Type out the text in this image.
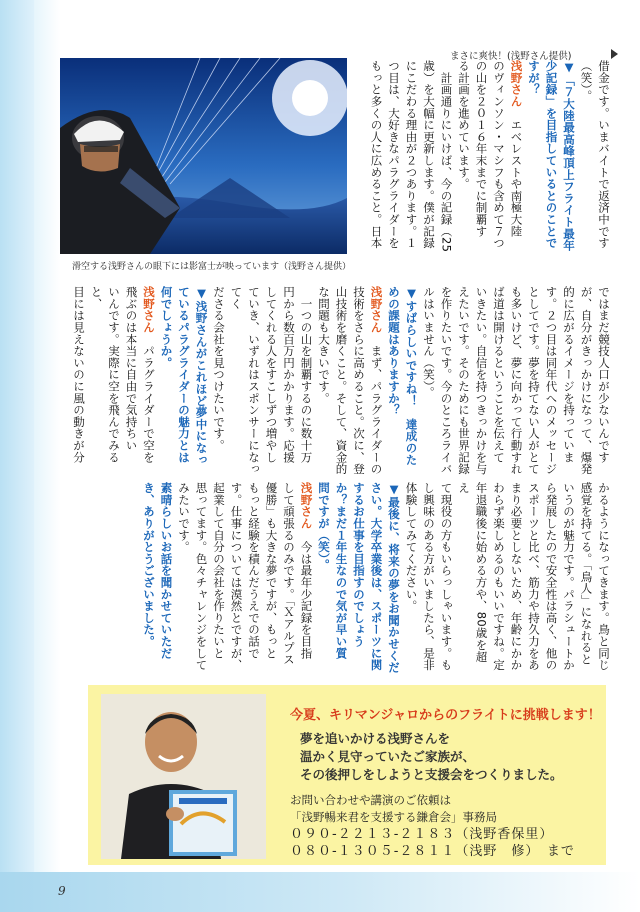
まさに爽快！(浅野さん提供)
滑空する浅野さんの眼下には影富士が映っています（浅野さん提供）

借金です。いまバイトで返済中です

（笑）。

▼「７大陸最高峰頂上フライト最年

少記録」を目指しているとのことで

すが？

浅野さん　エベレストや南極大陸

のヴィンソン・マシフも含めて７つ

の山を２０１６年末までに制覇す

る計画を進めています。

　計画通りにいけば、今の記録（25

歳）を大幅に更新します。僕が記録

にこだわる理由が２つあります。１

つ目は、大好きなパラグライダーを

もっと多くの人に広めること。日本

ではまだ競技人口が少ないんです

が、自分がきっかけになって、爆発

的に広がるイメージを持っていま

す。２つ目は同年代へのメッセージ

としてです。夢を持てない人がとて

も多いけど、夢に向かって行動すれ

ば道は開けるということを伝えて

いきたい。自信を持つきっかけを与

えたいです。そのためにも世界記録

を作りたいです。今のところライバ

ルはいません（笑）。

▼すばらしいですね！　達成のた

めの課題はありますか？

浅野さん　まず、パラグライダーの

技術をさらに高めること。次に、登

山技術を磨くこと。そして、資金的

な問題も大きいです。

　一つの山を制覇するのに数十万

円から数百万円かかります。応援

してくれる人をすこしずつ増やし

ていき、いずれはスポンサーになってく

ださる会社を見つけたいです。

▼浅野さんがこれほど夢中になっ

ているパラグライダーの魅力とは

何でしょうか。

浅野さん　パラグライダーで空を

飛ぶのは本当に自由で気持ちい

いんです。実際に空を飛んでみると、

目には見えないのに風の動きが分

かるようになってきます。鳥と同じ

感覚を持てる。「鳥人」になれると

いうのが魅力です。パラシュートか

ら発展したので安全性は高く、他の

スポーツと比べ、筋力や持久力をあ

まり必要としないため、年齢にかか

わらず楽しめるのもいいですね。定

年退職後に始める方や、80歳を超え

て現役の方もいらっしゃいます。も

し興味のある方がいましたら、是非

体験してみてください。

▼最後に、将来の夢をお聞かせくだ

さい。大学卒業後は、スポーツに関

するお仕事を目指すのでしょう

か？まだ１年生なので気が早い質

問ですが（笑）。

浅野さん　今は最年少記録を目指

して頑張るのみです。「Ｘアルプス

優勝」も大きな夢ですが、もっと

もっと経験を積んだうえでの話で

す。仕事については漠然とですが、

起業して自分の会社を作りたいと

思ってます。色々チャレンジをして

みたいです。

素晴らしいお話を聞かせていただ

き、ありがとうございました。

今夏、キリマンジャロからのフライトに挑戦します！
夢を追いかける浅野さんを
温かく見守っていたご家族が、
その後押しをしようと支援会をつくりました。
お問い合わせや講演のご依頼は
「浅野暢来君を支援する鎌倉会」事務局
０９０-２２１３-２１８３（浅野香保里）
０８０-１３０５-２８１１（浅野　修）　まで
9
